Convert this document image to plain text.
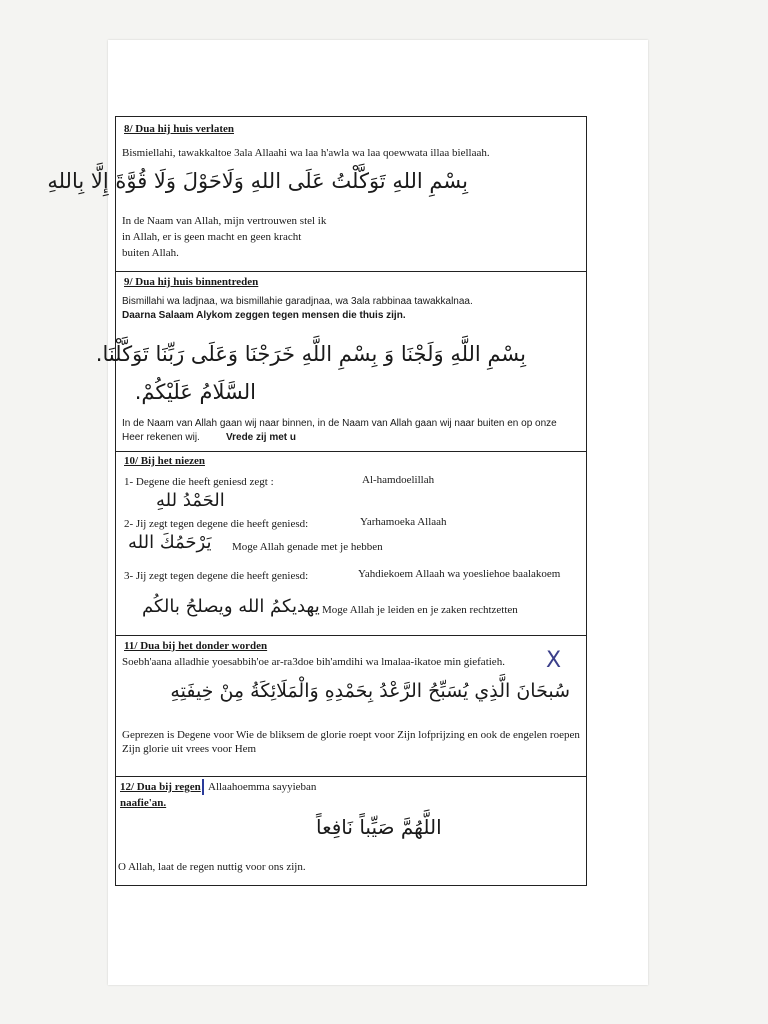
8/ Dua hij huis verlaten
Bismiellahi, tawakkaltoe 3ala Allaahi wa laa h'awla wa laa qoewwata illaa biellaah.
بِسْمِ اللهِ تَوَكَّلْتُ عَلَى اللهِ وَلَاحَوْلَ وَلَا قُوَّةَ إِلَّا بِاللهِ
In de Naam van Allah, mijn vertrouwen stel ik
in Allah, er is geen macht en geen kracht
buiten Allah.
9/ Dua hij huis binnentreden
Bismillahi wa ladjnaa, wa bismillahie garadjnaa, wa 3ala rabbinaa tawakkalnaa.
Daarna Salaam Alykom zeggen tegen mensen die thuis zijn.
بِسْمِ اللَّهِ وَلَجْنَا وَ بِسْمِ اللَّهِ خَرَجْنَا وَعَلَى رَبِّنَا تَوَكَّلْنَا.
السَّلَامُ عَلَيْكُمْ.
In de Naam van Allah gaan wij naar binnen, in de Naam van Allah gaan wij naar buiten en op onze
Heer rekenen wij.	Vrede zij met u
10/ Bij het niezen
1- Degene die heeft geniesd zegt :	Al-hamdoelillah
الحَمْدُ للهِ
2- Jij zegt tegen degene die heeft geniesd:	Yarhamoeka Allaah
يَرْحَمُكَ الله Moge Allah genade met je hebben
3- Jij zegt tegen degene die heeft geniesd:	Yahdiekoem Allaah wa yoesliehoe baalakoem
يهديكمُ الله ويصلحُ بالكُم Moge Allah je leiden en je zaken rechtzetten
11/ Dua bij het donder worden
Soebh'aana alladhie yoesabbih'oe ar-ra3doe bih'amdihi wa lmalaa-ikatoe min giefatieh. X
سُبحَانَ الَّذِي يُسَبِّحُ الرَّعْدُ بِحَمْدِهِ وَالْمَلَائِكَةُ مِنْ خِيفَتِهِ
Geprezen is Degene voor Wie de bliksem de glorie roept voor Zijn lofprijzing en ook de engelen roepen Zijn glorie uit vrees voor Hem
12/ Dua bij regen Allaahoemma sayyieban
naafie'an.
اللَّهُمَّ صَيِّباً نَافِعاً
O Allah, laat de regen nuttig voor ons zijn.
